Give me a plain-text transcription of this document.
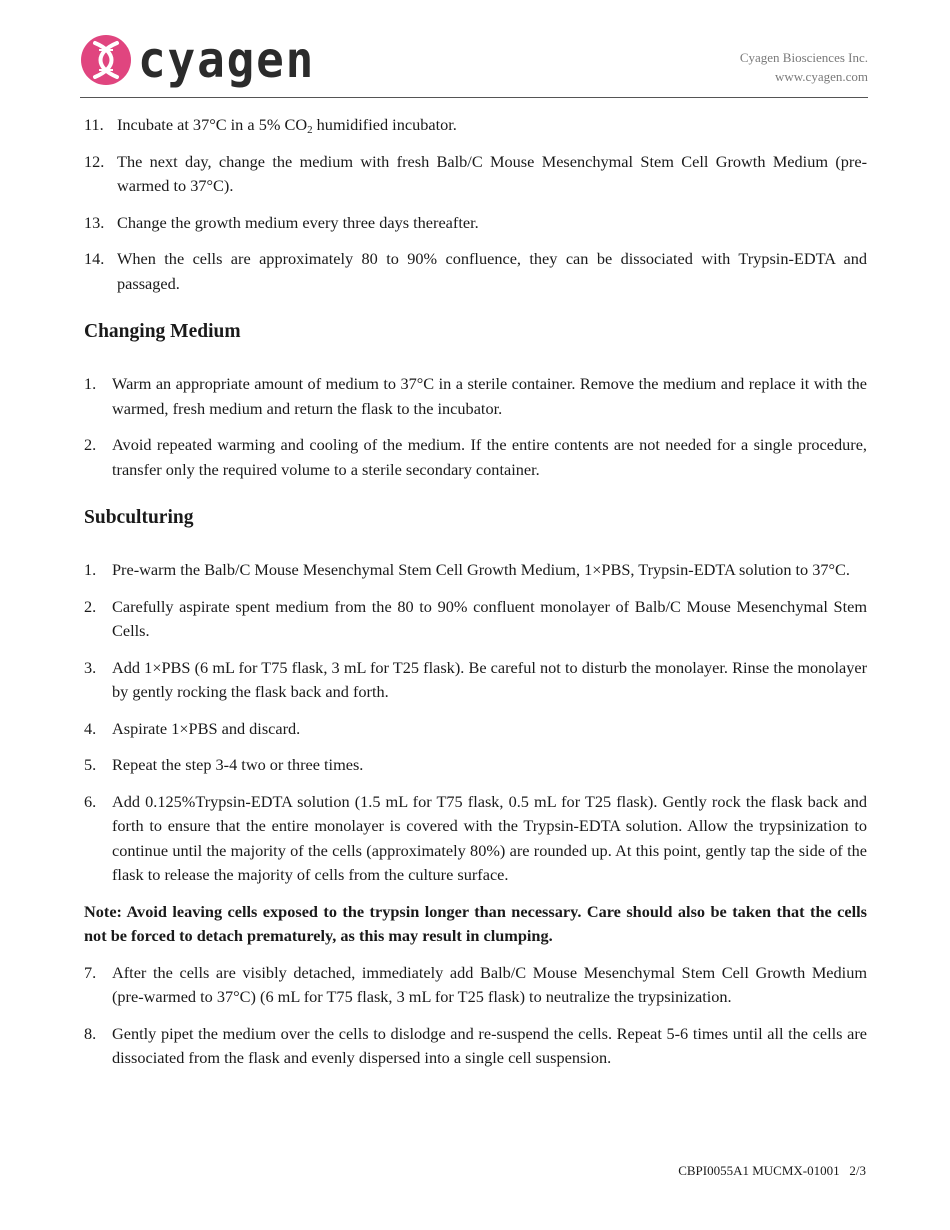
cyagen	Cyagen Biosciences Inc.
www.cyagen.com
11. Incubate at 37°C in a 5% $CO_2$ humidified incubator.
12. The next day, change the medium with fresh Balb/C Mouse Mesenchymal Stem Cell Growth Medium (pre-warmed to 37°C).
13. Change the growth medium every three days thereafter.
14. When the cells are approximately 80 to 90% confluence, they can be dissociated with Trypsin-EDTA and passaged.
Changing Medium
1. Warm an appropriate amount of medium to 37°C in a sterile container. Remove the medium and replace it with the warmed, fresh medium and return the flask to the incubator.
2. Avoid repeated warming and cooling of the medium. If the entire contents are not needed for a single procedure, transfer only the required volume to a sterile secondary container.
Subculturing
1. Pre-warm the Balb/C Mouse Mesenchymal Stem Cell Growth Medium, 1×PBS, Trypsin-EDTA solution to 37°C.
2. Carefully aspirate spent medium from the 80 to 90% confluent monolayer of Balb/C Mouse Mesenchymal Stem Cells.
3. Add 1×PBS (6 mL for T75 flask, 3 mL for T25 flask). Be careful not to disturb the monolayer. Rinse the monolayer by gently rocking the flask back and forth.
4. Aspirate 1×PBS and discard.
5. Repeat the step 3-4 two or three times.
6. Add 0.125%Trypsin-EDTA solution (1.5 mL for T75 flask, 0.5 mL for T25 flask). Gently rock the flask back and forth to ensure that the entire monolayer is covered with the Trypsin-EDTA solution. Allow the trypsinization to continue until the majority of the cells (approximately 80%) are rounded up. At this point, gently tap the side of the flask to release the majority of cells from the culture surface.

Note: Avoid leaving cells exposed to the trypsin longer than necessary. Care should also be taken that the cells not be forced to detach prematurely, as this may result in clumping.

7. After the cells are visibly detached, immediately add Balb/C Mouse Mesenchymal Stem Cell Growth Medium (pre-warmed to 37°C) (6 mL for T75 flask, 3 mL for T25 flask) to neutralize the trypsinization.
8. Gently pipet the medium over the cells to dislodge and re-suspend the cells. Repeat 5-6 times until all the cells are dissociated from the flask and evenly dispersed into a single cell suspension.
CBPI0055A1 MUCMX-01001 2/3
